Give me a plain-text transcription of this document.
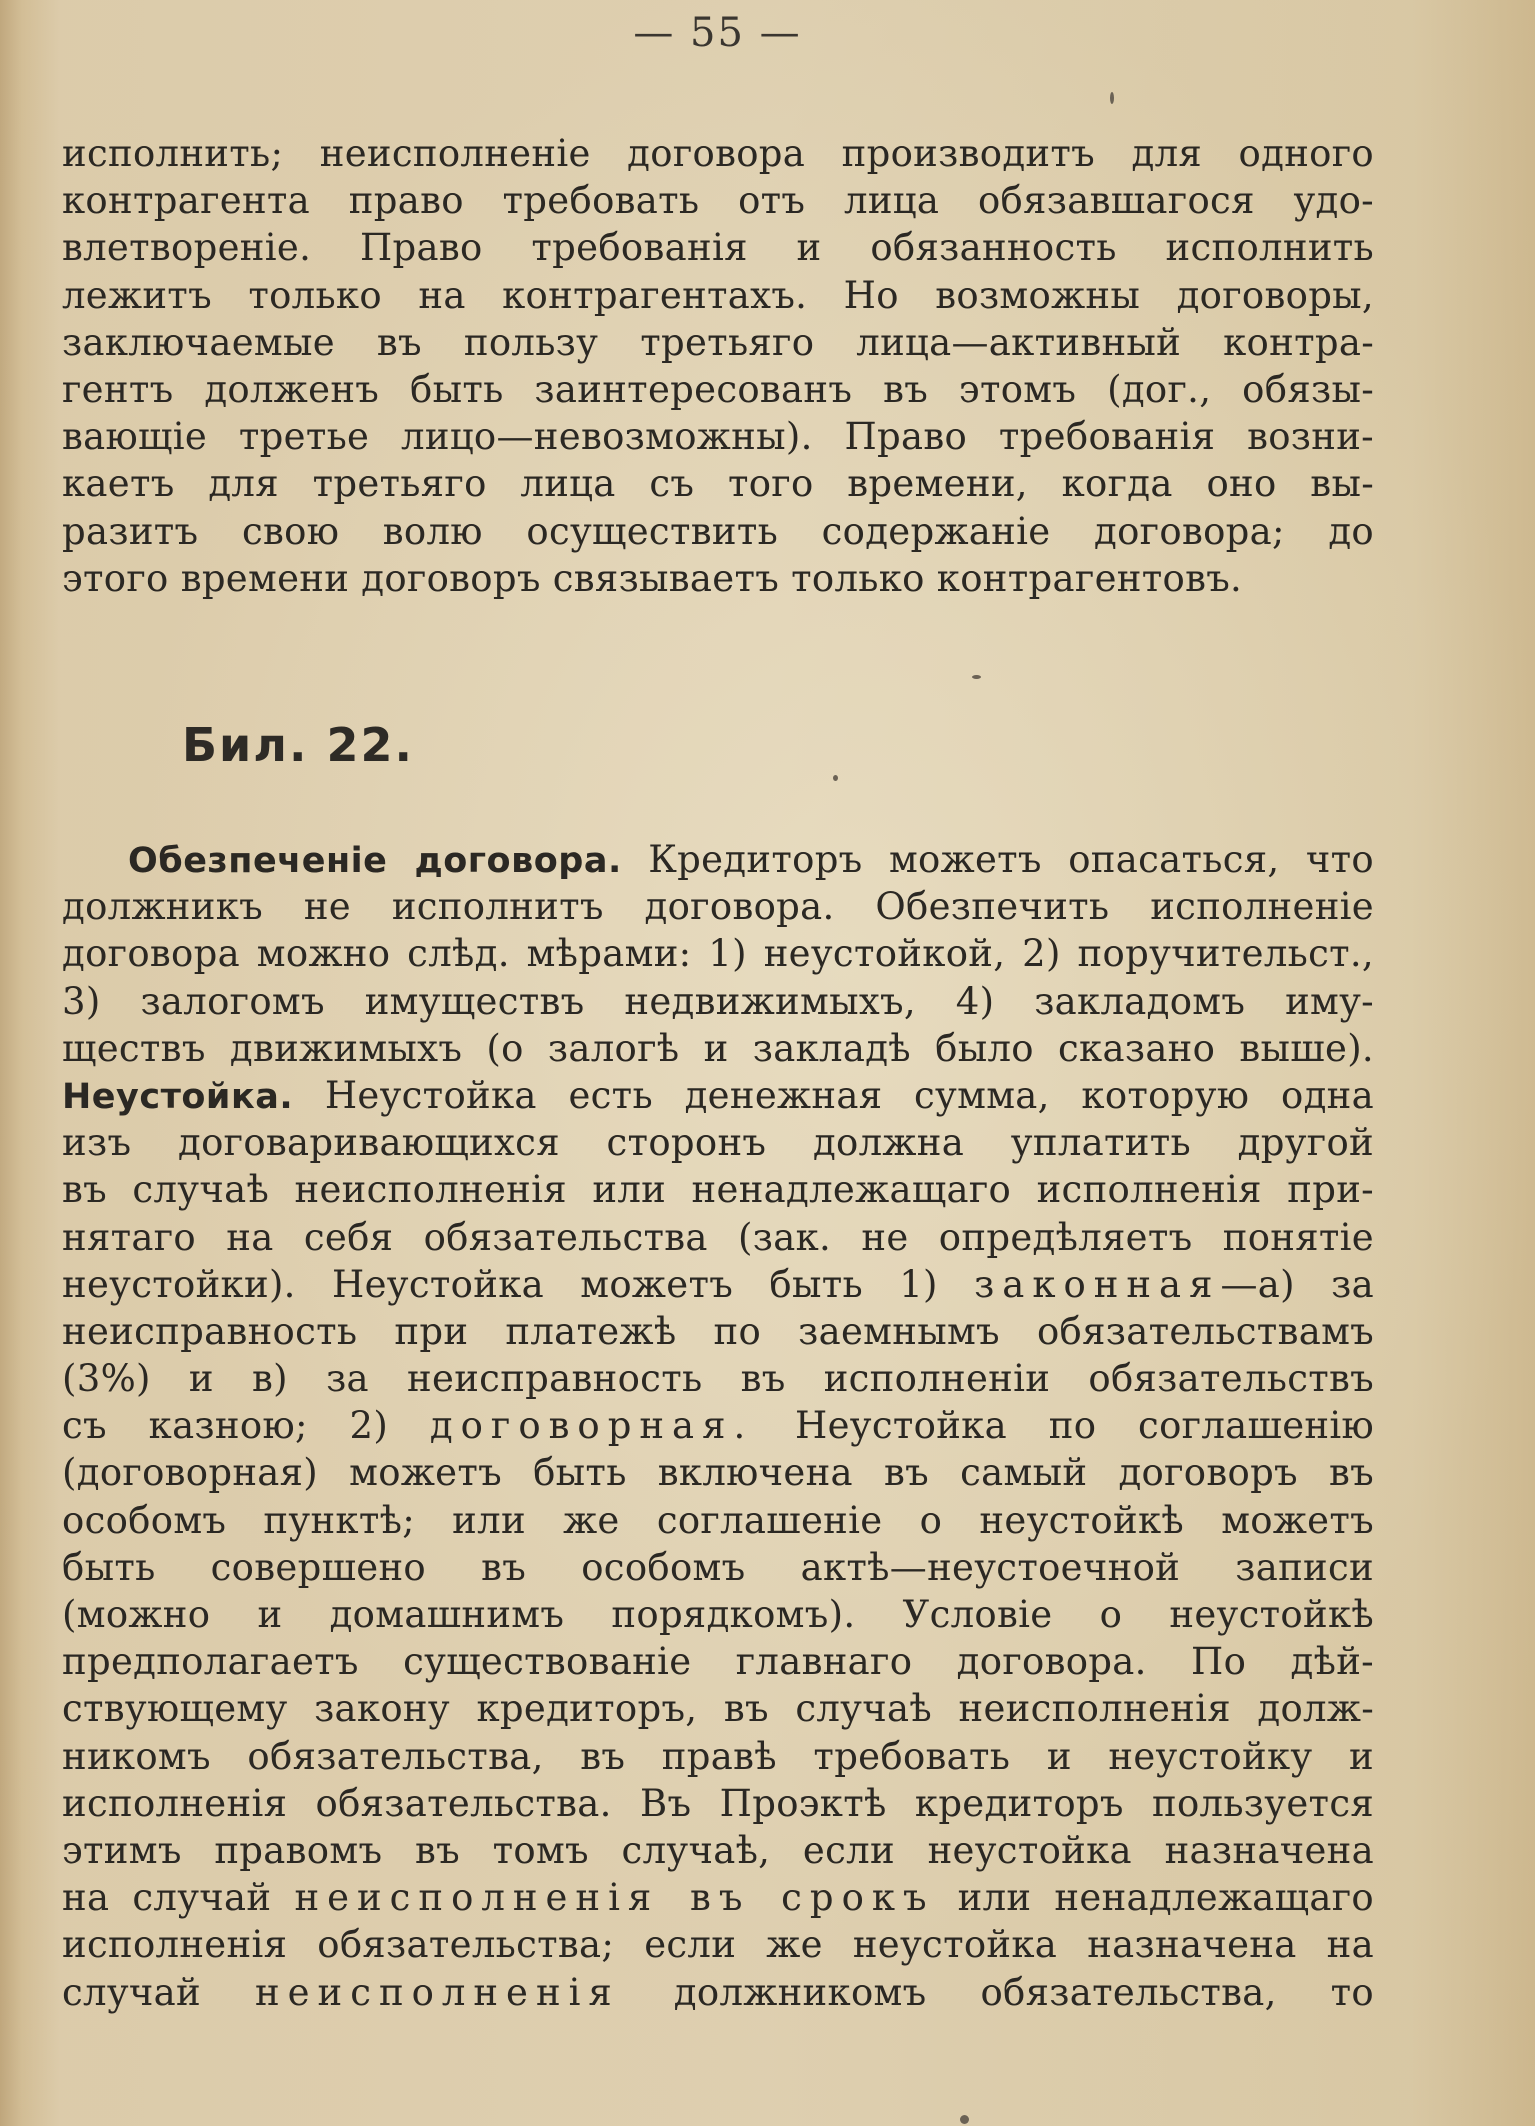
— 55 —
исполнить; неисполненіе договора производитъ для одного
контрагента право требовать отъ лица обязавшагося удо-
влетвореніе. Право требованія и обязанность исполнить
лежитъ только на контрагентахъ. Но возможны договоры,
заключаемые въ пользу третьяго лица—активный контра-
гентъ долженъ быть заинтересованъ въ этомъ (дог., обязы-
вающіе третье лицо—невозможны). Право требованія возни-
каетъ для третьяго лица съ того времени, когда оно вы-
разитъ свою волю осуществить содержаніе договора; до
этого времени договоръ связываетъ только контрагентовъ.
Бил. 22.
Обезпеченіе договора. Кредиторъ можетъ опасаться, что
должникъ не исполнитъ договора. Обезпечить исполненіе
договора можно слѣд. мѣрами: 1) неустойкой, 2) поручительст.,
3) залогомъ имуществъ недвижимыхъ, 4) закладомъ иму-
ществъ движимыхъ (о залогѣ и закладѣ было сказано выше).
Неустойка. Неустойка есть денежная сумма, которую одна
изъ договаривающихся сторонъ должна уплатить другой
въ случаѣ неисполненія или ненадлежащаго исполненія при-
нятаго на себя обязательства (зак. не опредѣляетъ понятіе
неустойки). Неустойка можетъ быть 1) законная—а) за
неисправность при платежѣ по заемнымъ обязательствамъ
(3%) и в) за неисправность въ исполненіи обязательствъ
съ казною; 2) договорная. Неустойка по соглашенію
(договорная) можетъ быть включена въ самый договоръ въ
особомъ пунктѣ; или же соглашеніе о неустойкѣ можетъ
быть совершено въ особомъ актѣ—неустоечной записи
(можно и домашнимъ порядкомъ). Условіе о неустойкѣ
предполагаетъ существованіе главнаго договора. По дѣй-
ствующему закону кредиторъ, въ случаѣ неисполненія долж-
никомъ обязательства, въ правѣ требовать и неустойку и
исполненія обязательства. Въ Проэктѣ кредиторъ пользуется
этимъ правомъ въ томъ случаѣ, если неустойка назначена
на случай неисполненія въ срокъ или ненадлежащаго
исполненія обязательства; если же неустойка назначена на
случай неисполненія должникомъ обязательства, то
